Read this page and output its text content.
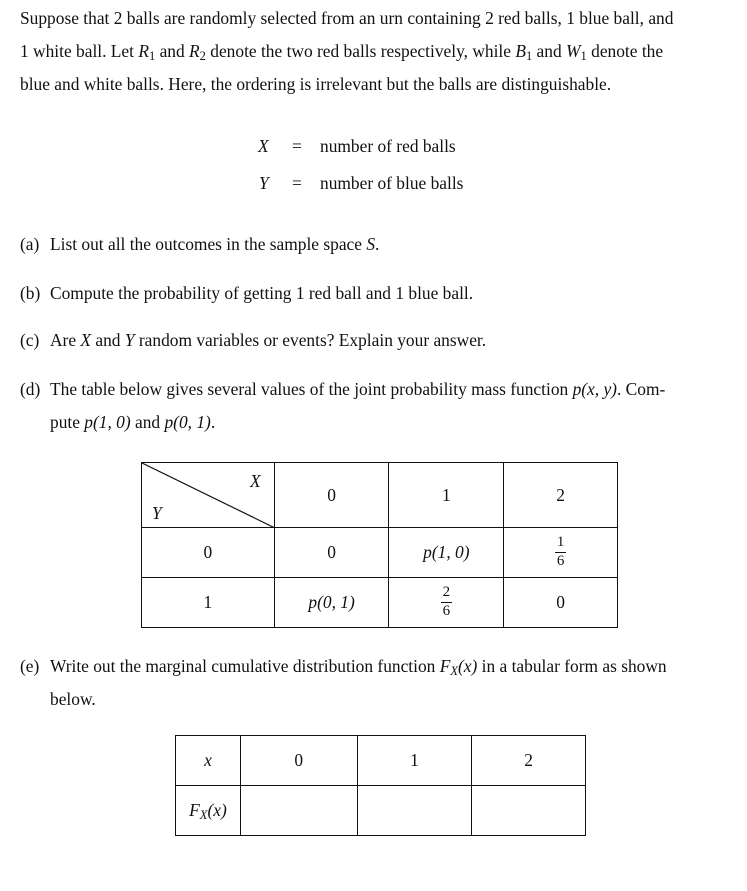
Suppose that 2 balls are randomly selected from an urn containing 2 red balls, 1 blue ball, and
1 white ball. Let $R_1$ and $R_2$ denote the two red balls respectively, while $B_1$ and $W_1$ denote the
blue and white balls. Here, the ordering is irrelevant but the balls are distinguishable.
X = number of red balls
Y = number of blue balls
(a) List out all the outcomes in the sample space S.
(b) Compute the probability of getting 1 red ball and 1 blue ball.
(c) Are X and Y random variables or events? Explain your answer.
(d) The table below gives several values of the joint probability mass function p(x, y). Com-
pute p(1, 0) and p(0, 1).
X
Y	0	1	2
0	0	p(1, 0)	$\frac{1}{6}$

1	p(0, 1)	$\frac{2}{6}$	0
(e) Write out the marginal cumulative distribution function $F_X(x)$ in a tabular form as shown
below.
x	0	1	2
$F_X(x)$			
